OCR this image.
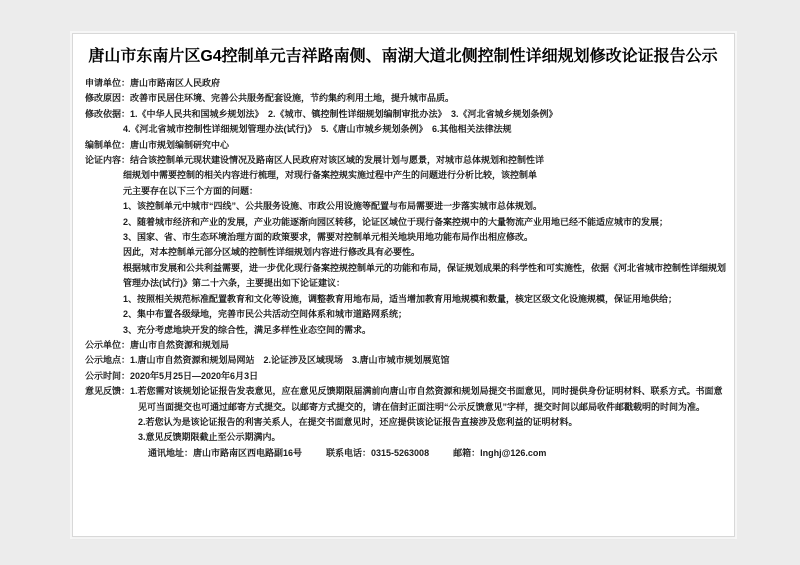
唐山市东南片区G4控制单元吉祥路南侧、南湖大道北侧控制性详细规划修改论证报告公示
申请单位： 唐山市路南区人民政府
修改原因： 改善市民居住环境、完善公共服务配套设施，节约集约利用土地，提升城市品质。
修改依据： 1.《中华人民共和国城乡规划法》　2.《城市、镇控制性详细规划编制审批办法》　3.《河北省城乡规划条例》
4.《河北省城市控制性详细规划管理办法(试行)》　5.《唐山市城乡规划条例》　6.其他相关法律法规
编制单位： 唐山市规划编制研究中心
论证内容： 结合该控制单元现状建设情况及路南区人民政府对该区域的发展计划与愿景，对城市总体规划和控制性详
细规划中需要控制的相关内容进行梳理，对现行备案控规实施过程中产生的问题进行分析比较，该控制单
元主要存在以下三个方面的问题：
1、该控制单元中城市“四线”、公共服务设施、市政公用设施等配置与布局需要进一步落实城市总体规划。
2、随着城市经济和产业的发展，产业功能逐渐向园区转移，论证区域位于现行备案控规中的大量物流产业用地已经不能适应城市的发展；
3、国家、省、市生态环境治理方面的政策要求，需要对控制单元相关地块用地功能布局作出相应修改。
因此，对本控制单元部分区域的控制性详细规划内容进行修改具有必要性。
根据城市发展和公共利益需要，进一步优化现行备案控规控制单元的功能和布局，保证规划成果的科学性和可实施性，依据《河北省城市控制性详细规划
管理办法(试行)》第二十六条，主要提出如下论证建议：
1、按照相关规范标准配置教育和文化等设施，调整教育用地布局，适当增加教育用地规模和数量，核定区级文化设施规模，保证用地供给；
2、集中布置各级绿地，完善市民公共活动空间体系和城市道路网系统；
3、充分考虑地块开发的综合性，满足多样性业态空间的需求。
公示单位： 唐山市自然资源和规划局
公示地点： 1.唐山市自然资源和规划局网站　2.论证涉及区域现场　3.唐山市城市规划展览馆
公示时间： 2020年5月25日—2020年6月3日
意见反馈： 1.若您需对该规划论证报告发表意见，应在意见反馈期限届满前向唐山市自然资源和规划局提交书面意见，同时提供身份证明材料、联系方式。书面意
见可当面提交也可通过邮寄方式提交。以邮寄方式提交的，请在信封正面注明“公示反馈意见”字样，提交时间以邮局收件邮戳载明的时间为准。
2.若您认为是该论证报告的利害关系人，在提交书面意见时，还应提供该论证报告直接涉及您利益的证明材料。
3.意见反馈期限截止至公示期满内。
通讯地址：唐山市路南区西电路副16号	联系电话：0315-5263008	邮箱：lnghj@126.com
